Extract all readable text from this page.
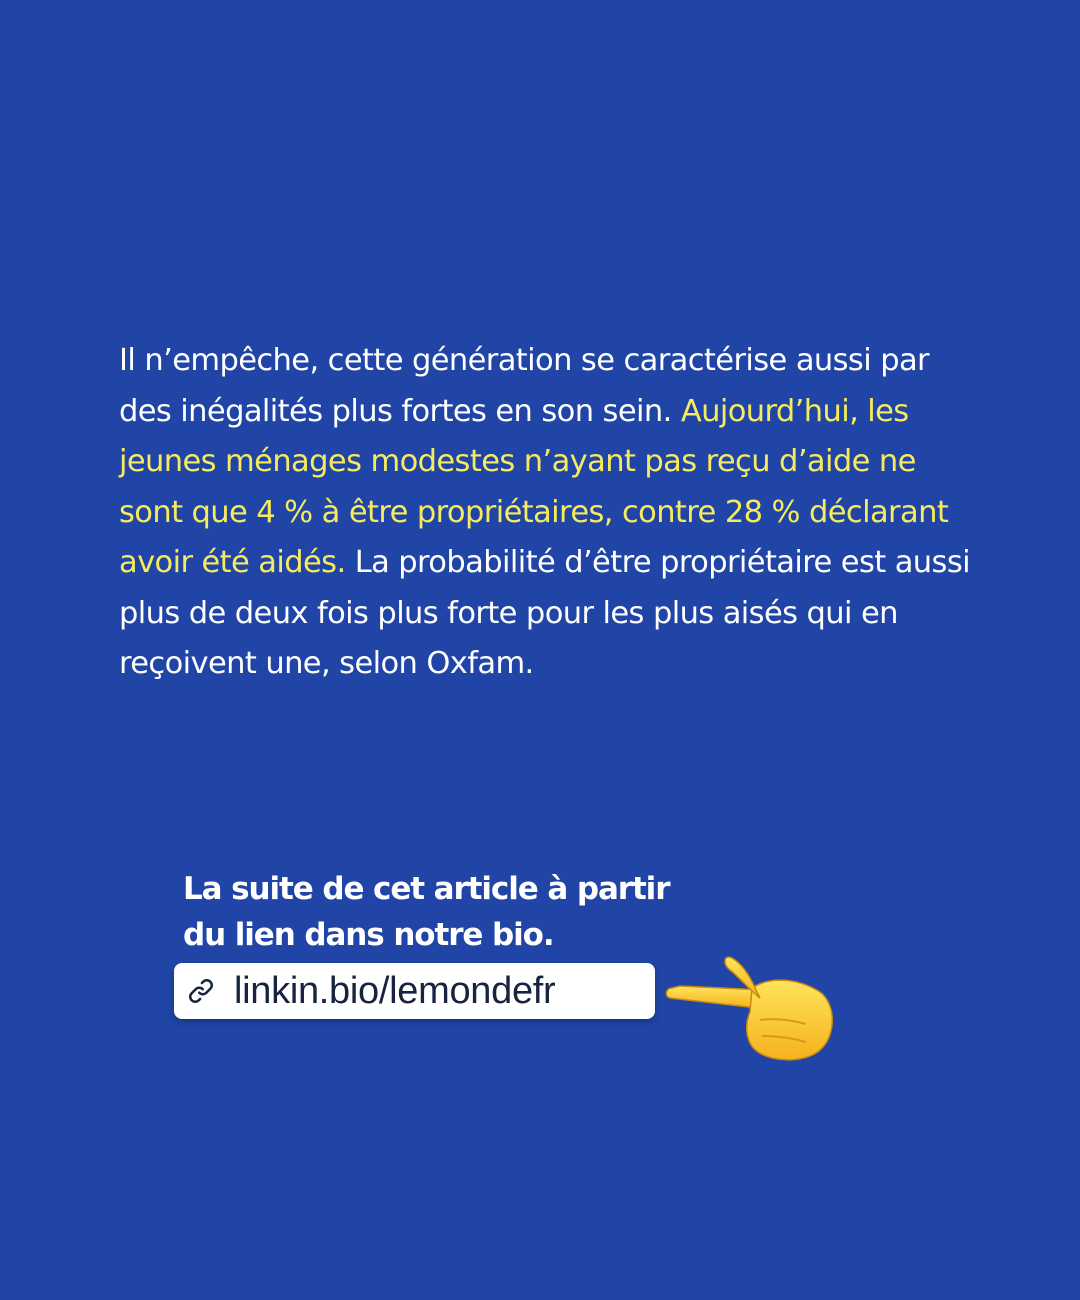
Il n’empêche, cette génération se caractérise aussi par des inégalités plus fortes en son sein. Aujourd’hui, les jeunes ménages modestes n’ayant pas reçu d’aide ne sont que 4 % à être propriétaires, contre 28 % déclarant avoir été aidés. La probabilité d’être propriétaire est aussi plus de deux fois plus forte pour les plus aisés qui en reçoivent une, selon Oxfam.

La suite de cet article à partir
du lien dans notre bio.
linkin.bio/lemondefr
